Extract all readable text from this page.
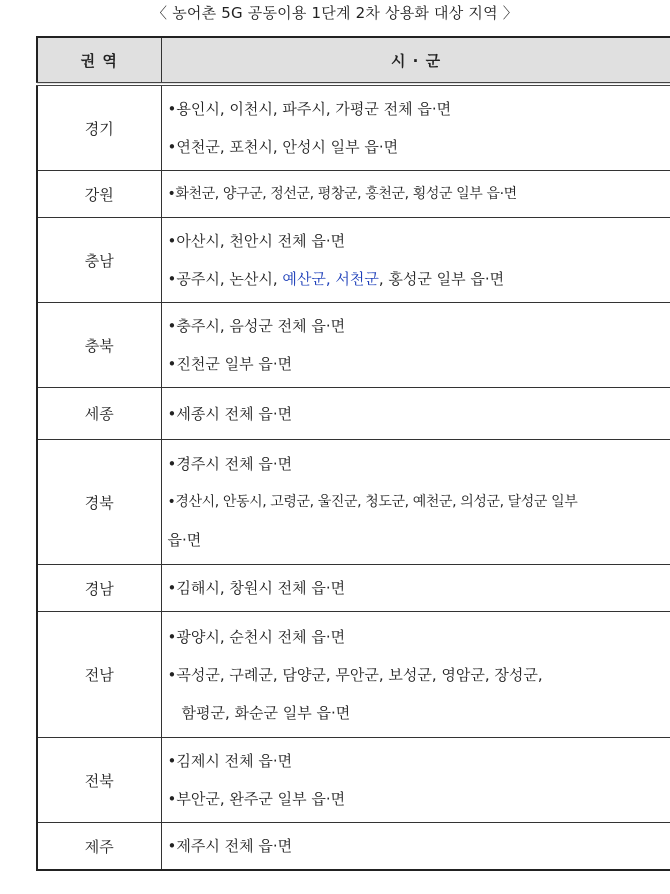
〈 농어촌 5G 공동이용 1단계 2차 상용화 대상 지역 〉
권 역	시 · 군
경기	•용인시, 이천시, 파주시, 가평군 전체 읍·면
•연천군, 포천시, 안성시 일부 읍·면

강원	•화천군, 양구군, 정선군, 평창군, 홍천군, 횡성군 일부 읍·면

충남	•아산시, 천안시 전체 읍·면
•공주시, 논산시, 예산군, 서천군, 홍성군 일부 읍·면

충북	•충주시, 음성군 전체 읍·면
•진천군 일부 읍·면

세종	•세종시 전체 읍·면

경북	•경주시 전체 읍·면
•경산시, 안동시, 고령군, 울진군, 청도군, 예천군, 의성군, 달성군 일부
읍·면

경남	•김해시, 창원시 전체 읍·면

전남	•광양시, 순천시 전체 읍·면
•곡성군, 구례군, 담양군, 무안군, 보성군, 영암군, 장성군,
함평군, 화순군 일부 읍·면

전북	•김제시 전체 읍·면
•부안군, 완주군 일부 읍·면

제주	•제주시 전체 읍·면
